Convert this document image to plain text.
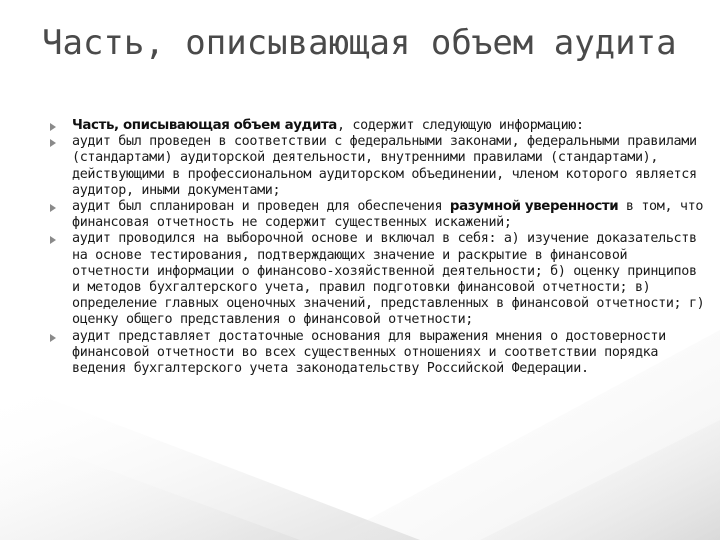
Часть, описывающая объем аудита
Часть, описывающая объем аудита, содержит следующую информацию:
аудит был проведен в соответствии с федеральными законами, федеральными правилами (стандартами) аудиторской деятельности, внутренними правилами (стандартами), действующими в профессиональном аудиторском объединении, членом которого является аудитор, иными документами;
аудит был спланирован и проведен для обеспечения разумной уверенности в том, что финансовая отчетность не содержит существенных искажений;
аудит проводился на выборочной основе и включал в себя: а) изучение доказательств на основе тестирования, подтверждающих значение и раскрытие в финансовой отчетности информации о финансово-хозяйственной деятельности; б) оценку принципов и методов бухгалтерского учета, правил подготовки финансовой отчетности; в) определение главных оценочных значений, представленных в финансовой отчетности; г) оценку общего представления о финансовой отчетности;
аудит представляет достаточные основания для выражения мнения о достоверности финансовой отчетности во всех существенных отношениях и соответствии порядка ведения бухгалтерского учета законодательству Российской Федерации.
